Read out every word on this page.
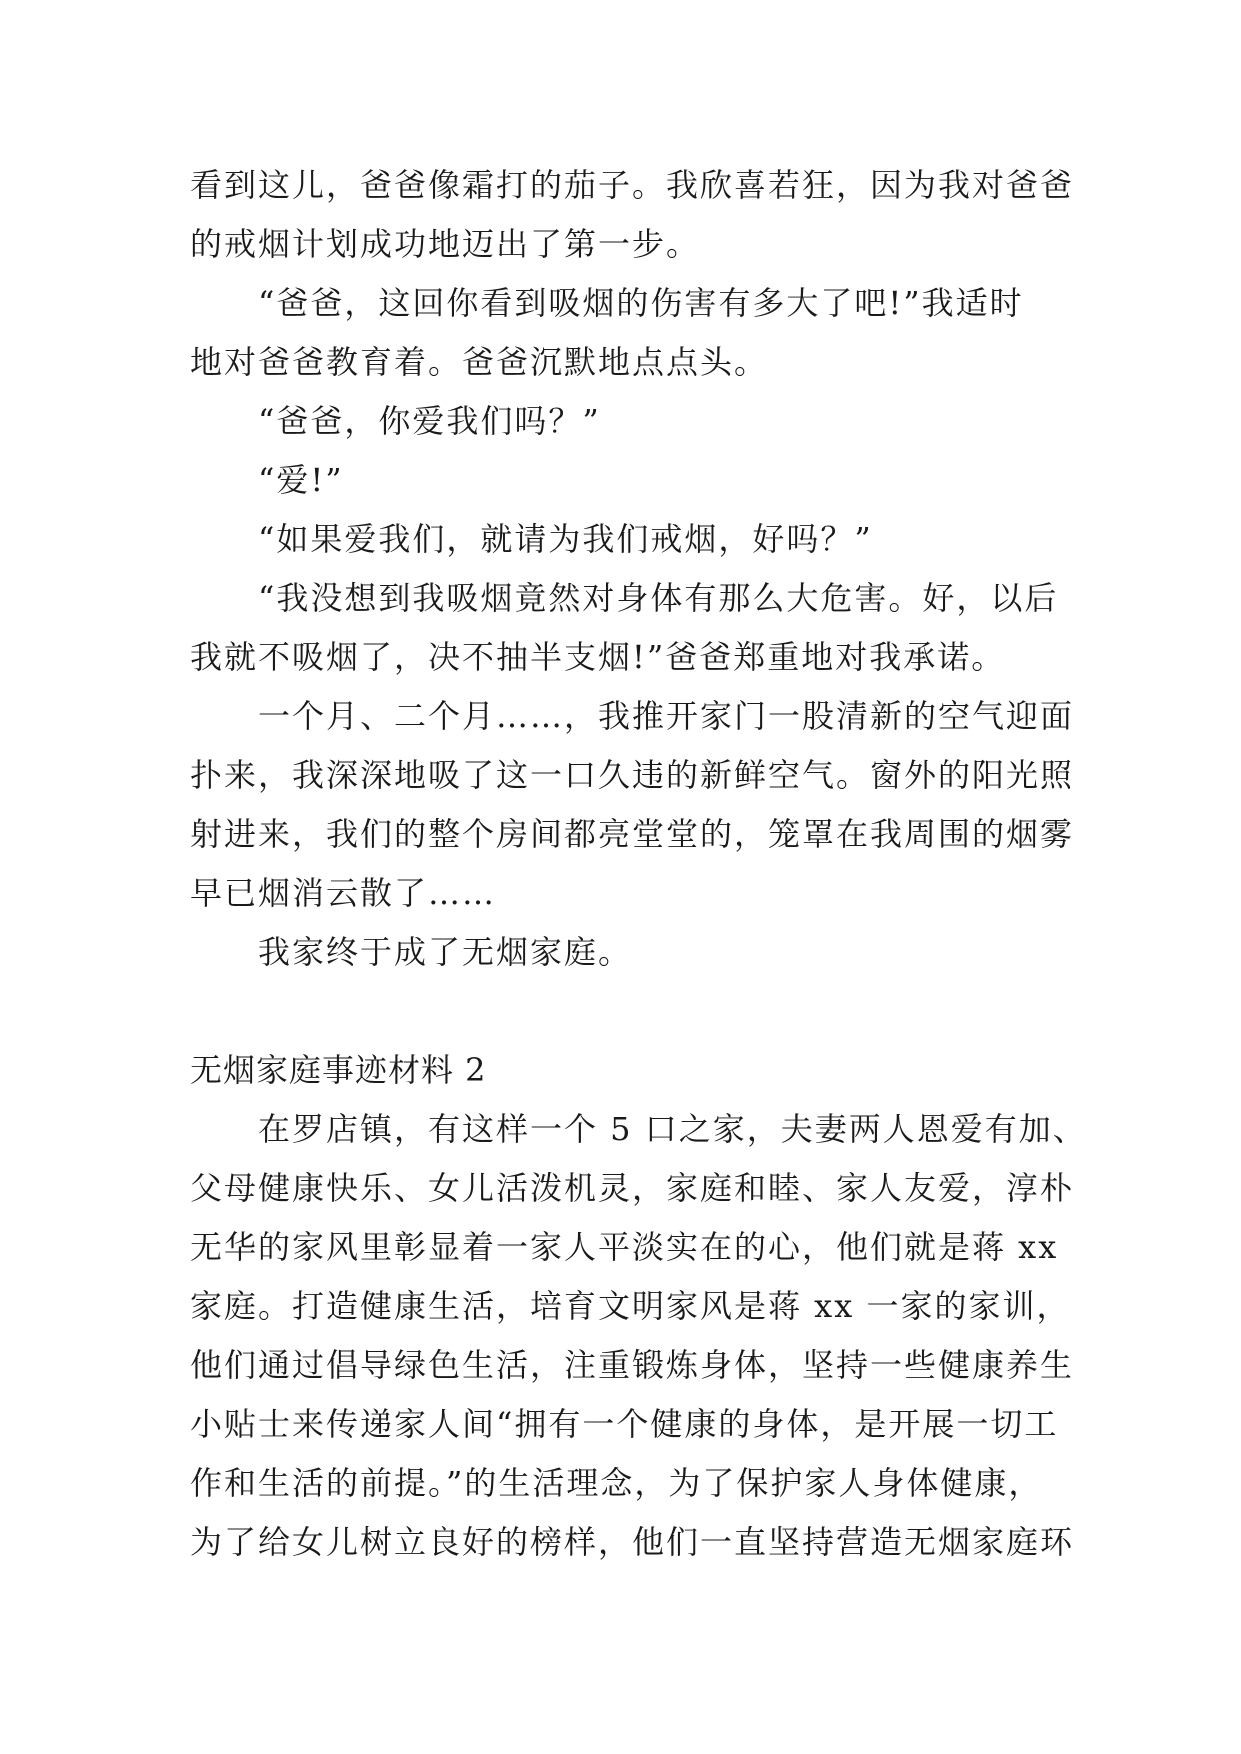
看到这儿，爸爸像霜打的茄子。我欣喜若狂，因为我对爸爸
的戒烟计划成功地迈出了第一步。
“爸爸，这回你看到吸烟的伤害有多大了吧!”我适时
地对爸爸教育着。爸爸沉默地点点头。
“爸爸，你爱我们吗？”
“爱!”
“如果爱我们，就请为我们戒烟，好吗？”
“我没想到我吸烟竟然对身体有那么大危害。好，以后
我就不吸烟了，决不抽半支烟!”爸爸郑重地对我承诺。
一个月、二个月……，我推开家门一股清新的空气迎面
扑来，我深深地吸了这一口久违的新鲜空气。窗外的阳光照
射进来，我们的整个房间都亮堂堂的，笼罩在我周围的烟雾
早已烟消云散了……
我家终于成了无烟家庭。
无烟家庭事迹材料 2
在罗店镇，有这样一个 5 口之家，夫妻两人恩爱有加、
父母健康快乐、女儿活泼机灵，家庭和睦、家人友爱，淳朴
无华的家风里彰显着一家人平淡实在的心，他们就是蒋 xx
家庭。打造健康生活，培育文明家风是蒋 xx 一家的家训，
他们通过倡导绿色生活，注重锻炼身体，坚持一些健康养生
小贴士来传递家人间“拥有一个健康的身体，是开展一切工
作和生活的前提。”的生活理念，为了保护家人身体健康，
为了给女儿树立良好的榜样，他们一直坚持营造无烟家庭环
